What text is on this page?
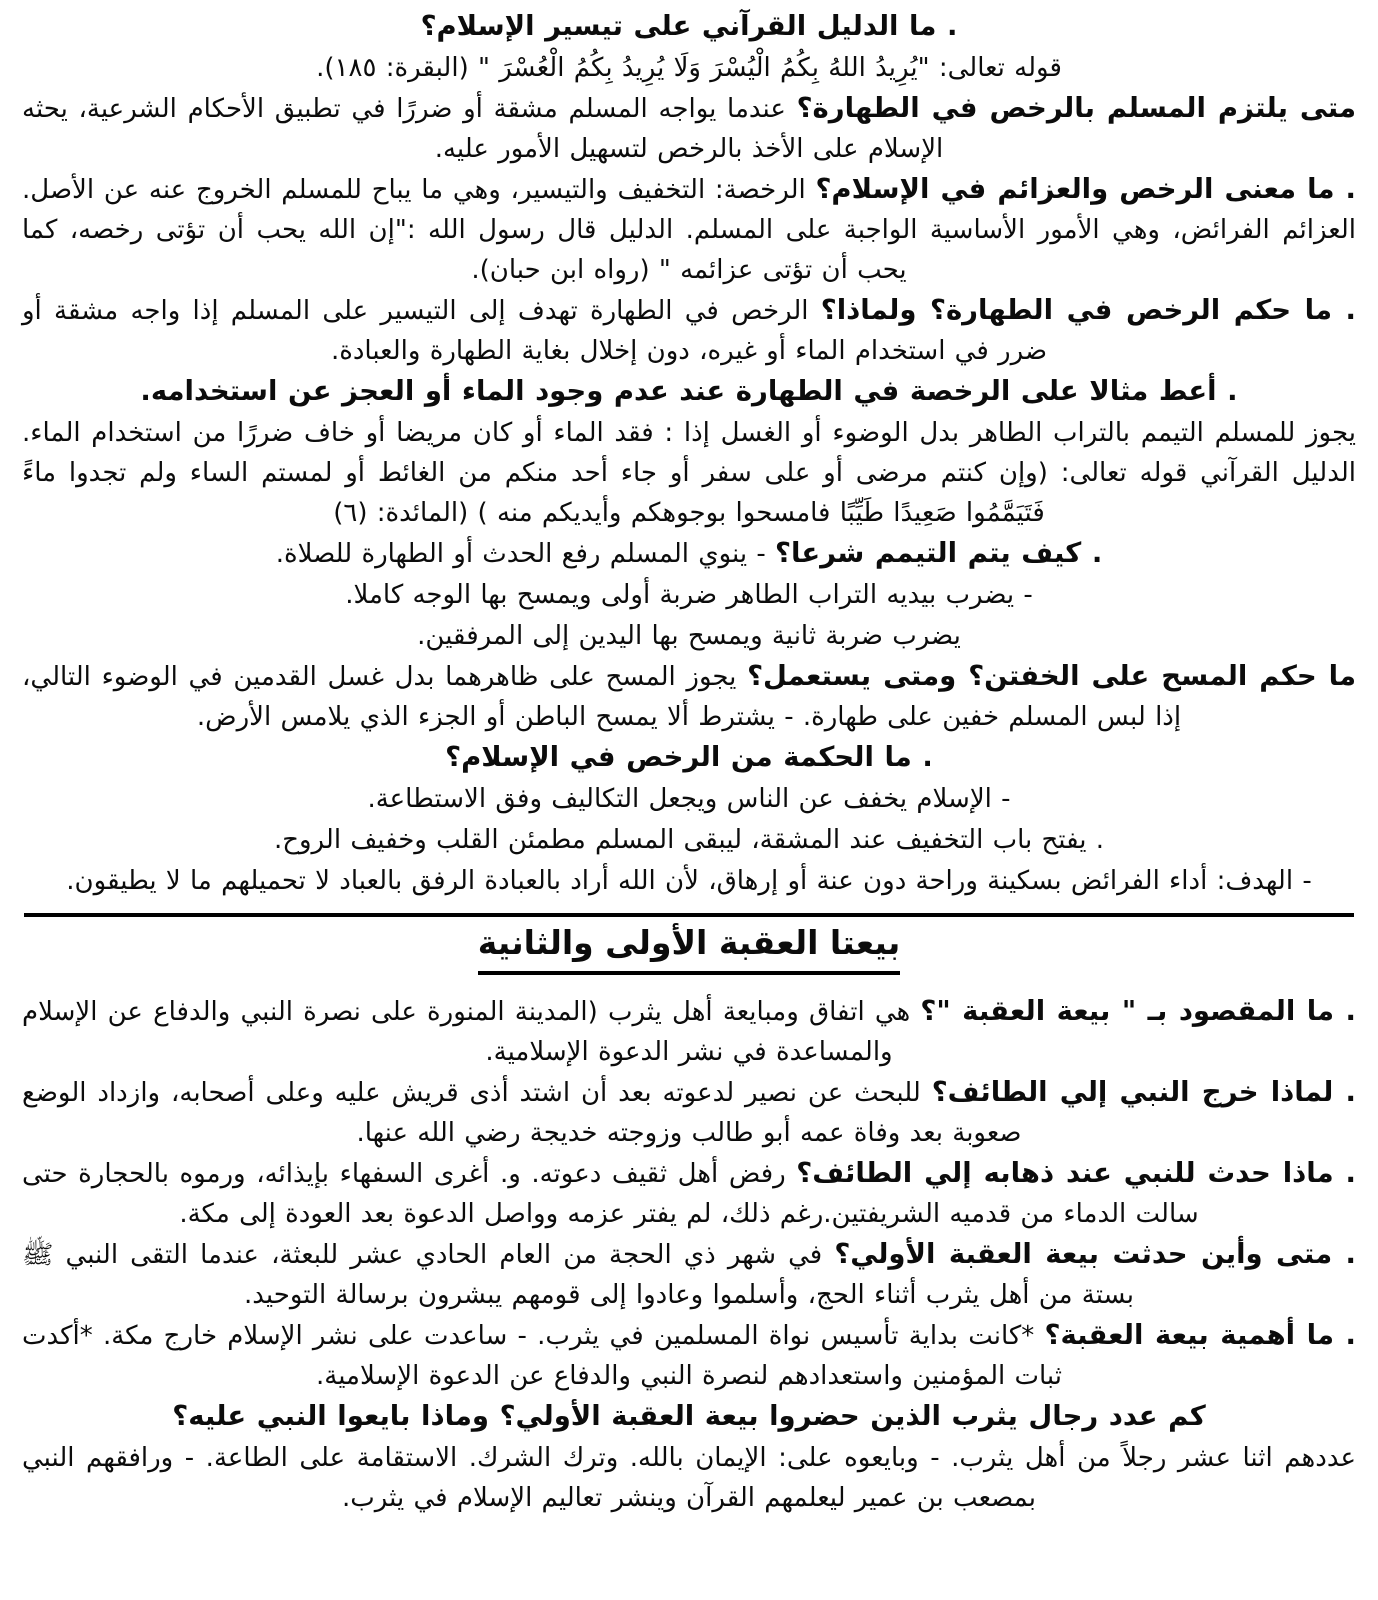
. ما الدليل القرآني على تيسير الإسلام؟

قوله تعالى: "يُرِيدُ اللهُ بِكُمُ الْيُسْرَ وَلَا يُرِيدُ بِكُمُ الْعُسْرَ " (البقرة: ١٨٥).

متى يلتزم المسلم بالرخص في الطهارة؟ عندما يواجه المسلم مشقة أو ضررًا في تطبيق الأحكام الشرعية، يحثه الإسلام على الأخذ بالرخص لتسهيل الأمور عليه.

. ما معنى الرخص والعزائم في الإسلام؟ الرخصة: التخفيف والتيسير، وهي ما يباح للمسلم الخروج عنه عن الأصل. العزائم الفرائض، وهي الأمور الأساسية الواجبة على المسلم. الدليل قال رسول الله :"إن الله يحب أن تؤتى رخصه، كما يحب أن تؤتى عزائمه " (رواه ابن حبان).

. ما حكم الرخص في الطهارة؟ ولماذا؟ الرخص في الطهارة تهدف إلى التيسير على المسلم إذا واجه مشقة أو ضرر في استخدام الماء أو غيره، دون إخلال بغاية الطهارة والعبادة.

. أعط مثالا على الرخصة في الطهارة عند عدم وجود الماء أو العجز عن استخدامه.

يجوز للمسلم التيمم بالتراب الطاهر بدل الوضوء أو الغسل إذا : فقد الماء أو كان مريضا أو خاف ضررًا من استخدام الماء. الدليل القرآني قوله تعالى: (وإن كنتم مرضى أو على سفر أو جاء أحد منكم من الغائط أو لمستم الساء ولم تجدوا ماءً فَتَيَمَّمُوا صَعِيدًا طَيِّبًا فامسحوا بوجوهكم وأيديكم منه ) (المائدة: (٦)

. كيف يتم التيمم شرعا؟ - ينوي المسلم رفع الحدث أو الطهارة للصلاة.

- يضرب بيديه التراب الطاهر ضربة أولى ويمسح بها الوجه كاملا.

يضرب ضربة ثانية ويمسح بها اليدين إلى المرفقين.

ما حكم المسح على الخفتن؟ ومتى يستعمل؟ يجوز المسح على ظاهرهما بدل غسل القدمين في الوضوء التالي، إذا لبس المسلم خفين على طهارة. - يشترط ألا يمسح الباطن أو الجزء الذي يلامس الأرض.

. ما الحكمة من الرخص في الإسلام؟

- الإسلام يخفف عن الناس ويجعل التكاليف وفق الاستطاعة.

. يفتح باب التخفيف عند المشقة، ليبقى المسلم مطمئن القلب وخفيف الروح.

- الهدف: أداء الفرائض بسكينة وراحة دون عنة أو إرهاق، لأن الله أراد بالعبادة الرفق بالعباد لا تحميلهم ما لا يطيقون.

بيعتا العقبة الأولى والثانية

. ما المقصود بـ " بيعة العقبة "؟ هي اتفاق ومبايعة أهل يثرب (المدينة المنورة على نصرة النبي والدفاع عن الإسلام والمساعدة في نشر الدعوة الإسلامية.

. لماذا خرج النبي إلي الطائف؟ للبحث عن نصير لدعوته بعد أن اشتد أذى قريش عليه وعلى أصحابه، وازداد الوضع صعوبة بعد وفاة عمه أبو طالب وزوجته خديجة رضي الله عنها.

. ماذا حدث للنبي عند ذهابه إلي الطائف؟ رفض أهل ثقيف دعوته. و. أغرى السفهاء بإيذائه، ورموه بالحجارة حتى سالت الدماء من قدميه الشريفتين.رغم ذلك، لم يفتر عزمه وواصل الدعوة بعد العودة إلى مكة.

. متى وأين حدثت بيعة العقبة الأولي؟ في شهر ذي الحجة من العام الحادي عشر للبعثة، عندما التقى النبي ﷺ بستة من أهل يثرب أثناء الحج، وأسلموا وعادوا إلى قومهم يبشرون برسالة التوحيد.

. ما أهمية بيعة العقبة؟ *كانت بداية تأسيس نواة المسلمين في يثرب. - ساعدت على نشر الإسلام خارج مكة. *أكدت ثبات المؤمنين واستعدادهم لنصرة النبي والدفاع عن الدعوة الإسلامية.

كم عدد رجال يثرب الذين حضروا بيعة العقبة الأولي؟ وماذا بايعوا النبي عليه؟

عددهم اثنا عشر رجلاً من أهل يثرب. - وبايعوه على: الإيمان بالله. وترك الشرك. الاستقامة على الطاعة. - ورافقهم النبي بمصعب بن عمير ليعلمهم القرآن وينشر تعاليم الإسلام في يثرب.
